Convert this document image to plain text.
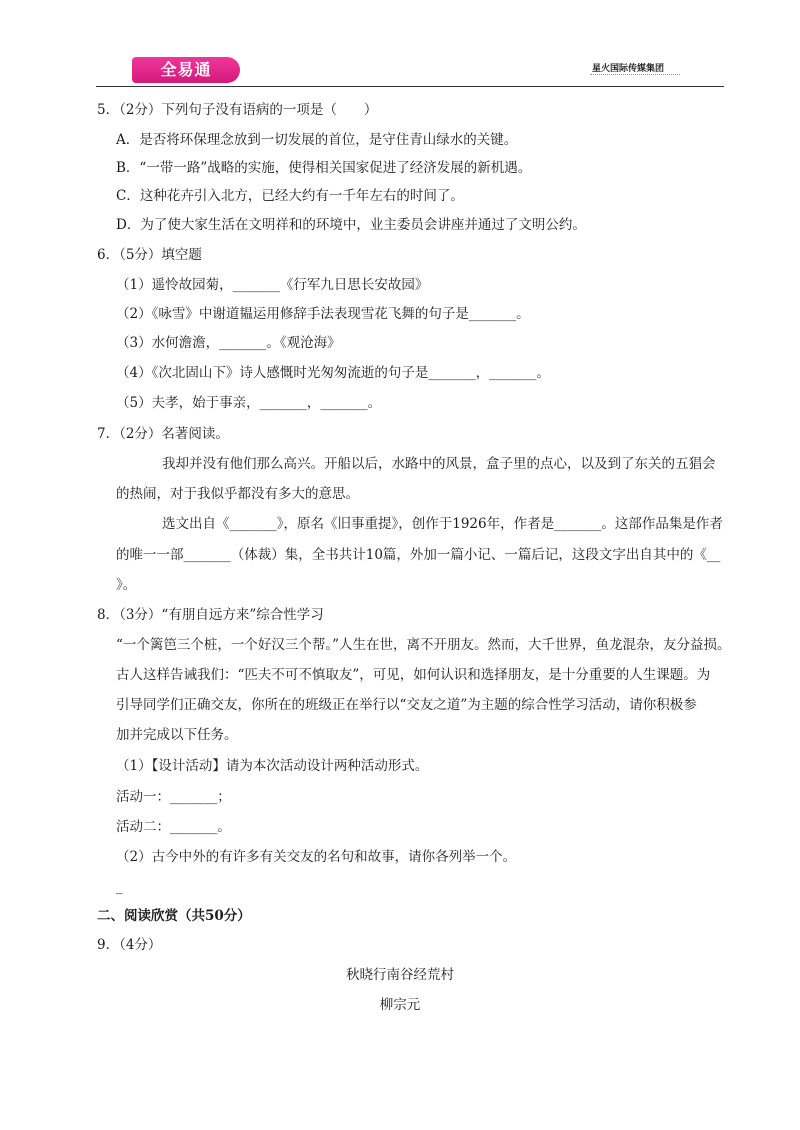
全易通	星火国际传媒集团
5．（2分）下列句子没有语病的一项是（　　）
A．是否将环保理念放到一切发展的首位，是守住青山绿水的关键。
B．“一带一路”战略的实施，使得相关国家促进了经济发展的新机遇。
C．这种花卉引入北方，已经大约有一千年左右的时间了。
D．为了使大家生活在文明祥和的环境中，业主委员会讲座并通过了文明公约。
6．（5分）填空题
（1）遥怜故园菊，_______《行军九日思长安故园》
（2）《咏雪》中谢道韫运用修辞手法表现雪花飞舞的句子是_______。
（3）水何澹澹，_______。《观沧海》
（4）《次北固山下》诗人感慨时光匆匆流逝的句子是_______，_______。
（5）夫孝，始于事亲，_______，_______。
7．（2分）名著阅读。
我却并没有他们那么高兴。开船以后，水路中的风景，盒子里的点心，以及到了东关的五猖会
的热闹，对于我似乎都没有多大的意思。
选文出自《_______》，原名《旧事重提》，创作于1926年，作者是_______。这部作品集是作者
的唯一一部_______（体裁）集，全书共计10篇，外加一篇小记、一篇后记，这段文字出自其中的《__
》。
8．（3分）“有朋自远方来”综合性学习
“一个篱笆三个桩，一个好汉三个帮。”人生在世，离不开朋友。然而，大千世界，鱼龙混杂，友分益损。
古人这样告诫我们：“匹夫不可不慎取友”，可见，如何认识和选择朋友，是十分重要的人生课题。为
引导同学们正确交友，你所在的班级正在举行以“交友之道”为主题的综合性学习活动，请你积极参
加并完成以下任务。
（1）【设计活动】请为本次活动设计两种活动形式。
活动一：_______；
活动二：_______。
（2）古今中外的有许多有关交友的名句和故事，请你各列举一个。
_
二、阅读欣赏（共50分）
9．（4分）
秋晓行南谷经荒村
柳宗元
